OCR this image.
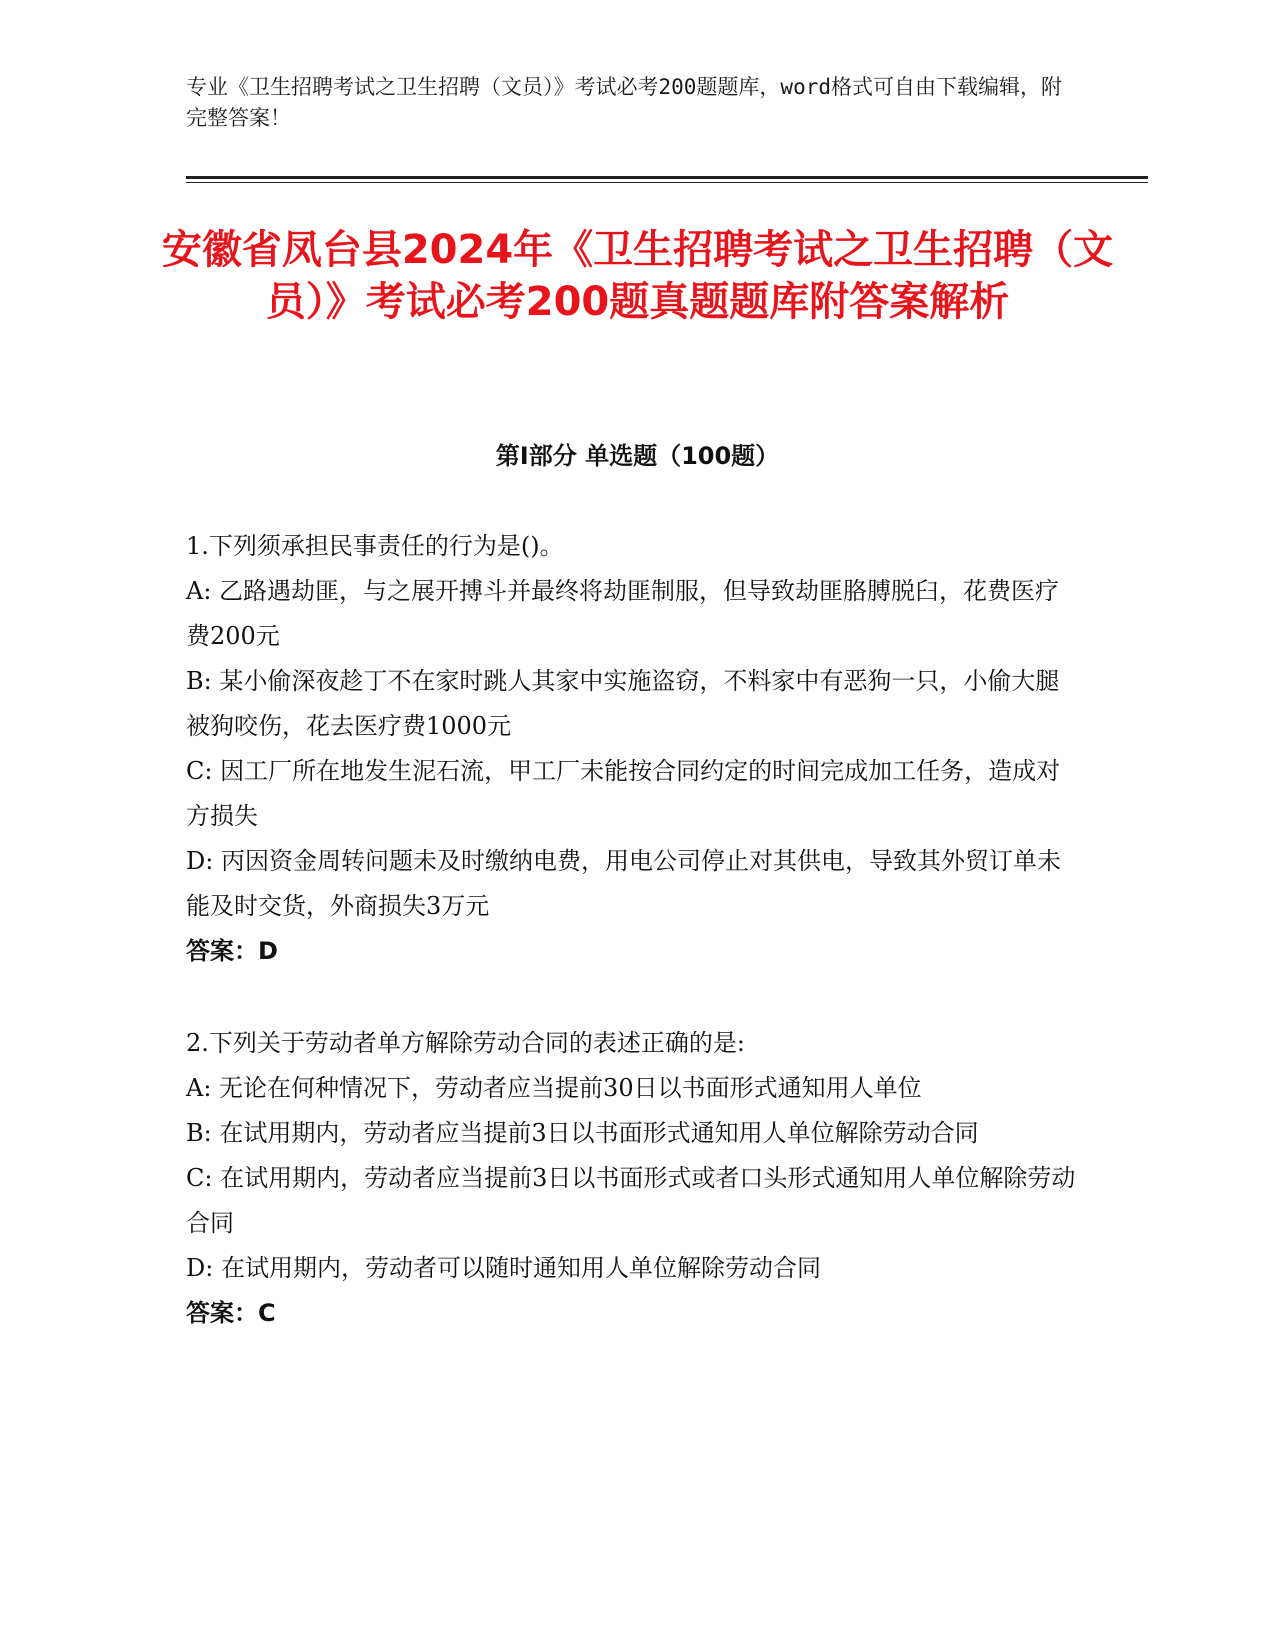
专业《卫生招聘考试之卫生招聘（文员）》考试必考200题题库，word格式可自由下载编辑，附完整答案！
安徽省凤台县2024年《卫生招聘考试之卫生招聘（文员）》考试必考200题真题题库附答案解析
第Ⅰ部分 单选题（100题）
1.下列须承担民事责任的行为是()。
A: 乙路遇劫匪，与之展开搏斗并最终将劫匪制服，但导致劫匪胳膊脱臼，花费医疗费200元
B: 某小偷深夜趁丁不在家时跳人其家中实施盗窃，不料家中有恶狗一只，小偷大腿被狗咬伤，花去医疗费1000元
C: 因工厂所在地发生泥石流，甲工厂未能按合同约定的时间完成加工任务，造成对方损失
D: 丙因资金周转问题未及时缴纳电费，用电公司停止对其供电，导致其外贸订单未能及时交货，外商损失3万元
答案：D
2.下列关于劳动者单方解除劳动合同的表述正确的是:
A: 无论在何种情况下，劳动者应当提前30日以书面形式通知用人单位
B: 在试用期内，劳动者应当提前3日以书面形式通知用人单位解除劳动合同
C: 在试用期内，劳动者应当提前3日以书面形式或者口头形式通知用人单位解除劳动合同
D: 在试用期内，劳动者可以随时通知用人单位解除劳动合同
答案：C
